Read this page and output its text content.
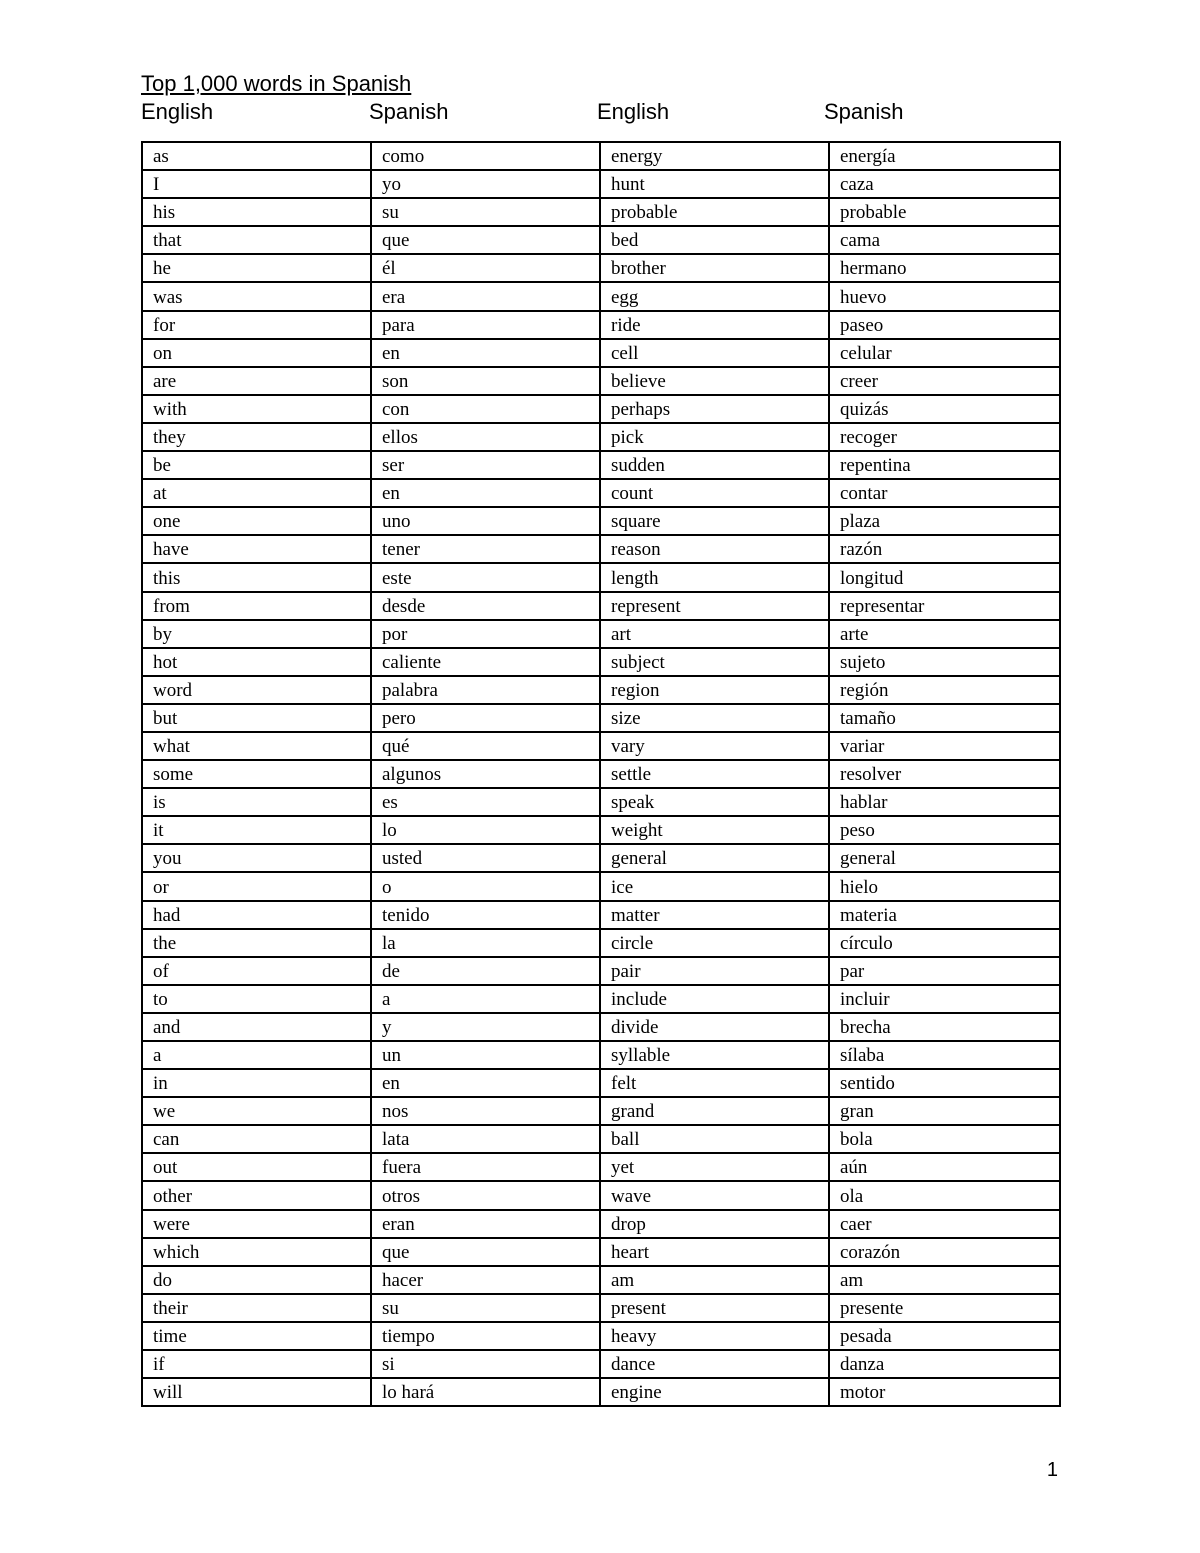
Top 1,000 words in Spanish
English	Spanish	English	Spanish
as	como	energy	energía
I	yo	hunt	caza
his	su	probable	probable
that	que	bed	cama
he	él	brother	hermano
was	era	egg	huevo
for	para	ride	paseo
on	en	cell	celular
are	son	believe	creer
with	con	perhaps	quizás
they	ellos	pick	recoger
be	ser	sudden	repentina
at	en	count	contar
one	uno	square	plaza
have	tener	reason	razón
this	este	length	longitud
from	desde	represent	representar
by	por	art	arte
hot	caliente	subject	sujeto
word	palabra	region	región
but	pero	size	tamaño
what	qué	vary	variar
some	algunos	settle	resolver
is	es	speak	hablar
it	lo	weight	peso
you	usted	general	general
or	o	ice	hielo
had	tenido	matter	materia
the	la	circle	círculo
of	de	pair	par
to	a	include	incluir
and	y	divide	brecha
a	un	syllable	sílaba
in	en	felt	sentido
we	nos	grand	gran
can	lata	ball	bola
out	fuera	yet	aún
other	otros	wave	ola
were	eran	drop	caer
which	que	heart	corazón
do	hacer	am	am
their	su	present	presente
time	tiempo	heavy	pesada
if	si	dance	danza
will	lo hará	engine	motor
1
